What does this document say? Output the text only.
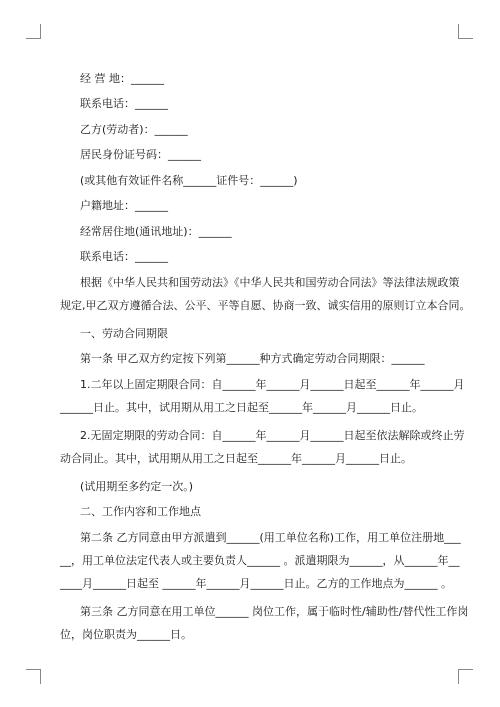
经 营 地：______
联系电话：______
乙方(劳动者)：______
居民身份证号码：______
(或其他有效证件名称______证件号：______)
户籍地址：______
经常居住地(通讯地址)：______
联系电话：______
根据《中华人民共和国劳动法》《中华人民共和国劳动合同法》等法律法规政策
规定,甲乙双方遵循合法、公平、平等自愿、协商一致、诚实信用的原则订立本合同。
一、劳动合同期限
第一条 甲乙双方约定按下列第______种方式确定劳动合同期限：______
1.二年以上固定期限合同：自______年______月______日起至______年______月
______日止。其中，试用期从用工之日起至______年______月______日止。
2.无固定期限的劳动合同：自______年______月______日起至依法解除或终止劳
动合同止。其中，试用期从用工之日起至______年______月______日止。
(试用期至多约定一次。)
二、工作内容和工作地点
第二条 乙方同意由甲方派遣到______(用工单位名称)工作，用工单位注册地___
__，用工单位法定代表人或主要负责人______ 。派遣期限为______，从______年__
____月______日起至 ______年______月______日止。乙方的工作地点为______ 。
第三条 乙方同意在用工单位______ 岗位工作，属于临时性/辅助性/替代性工作岗
位，岗位职责为______日。
